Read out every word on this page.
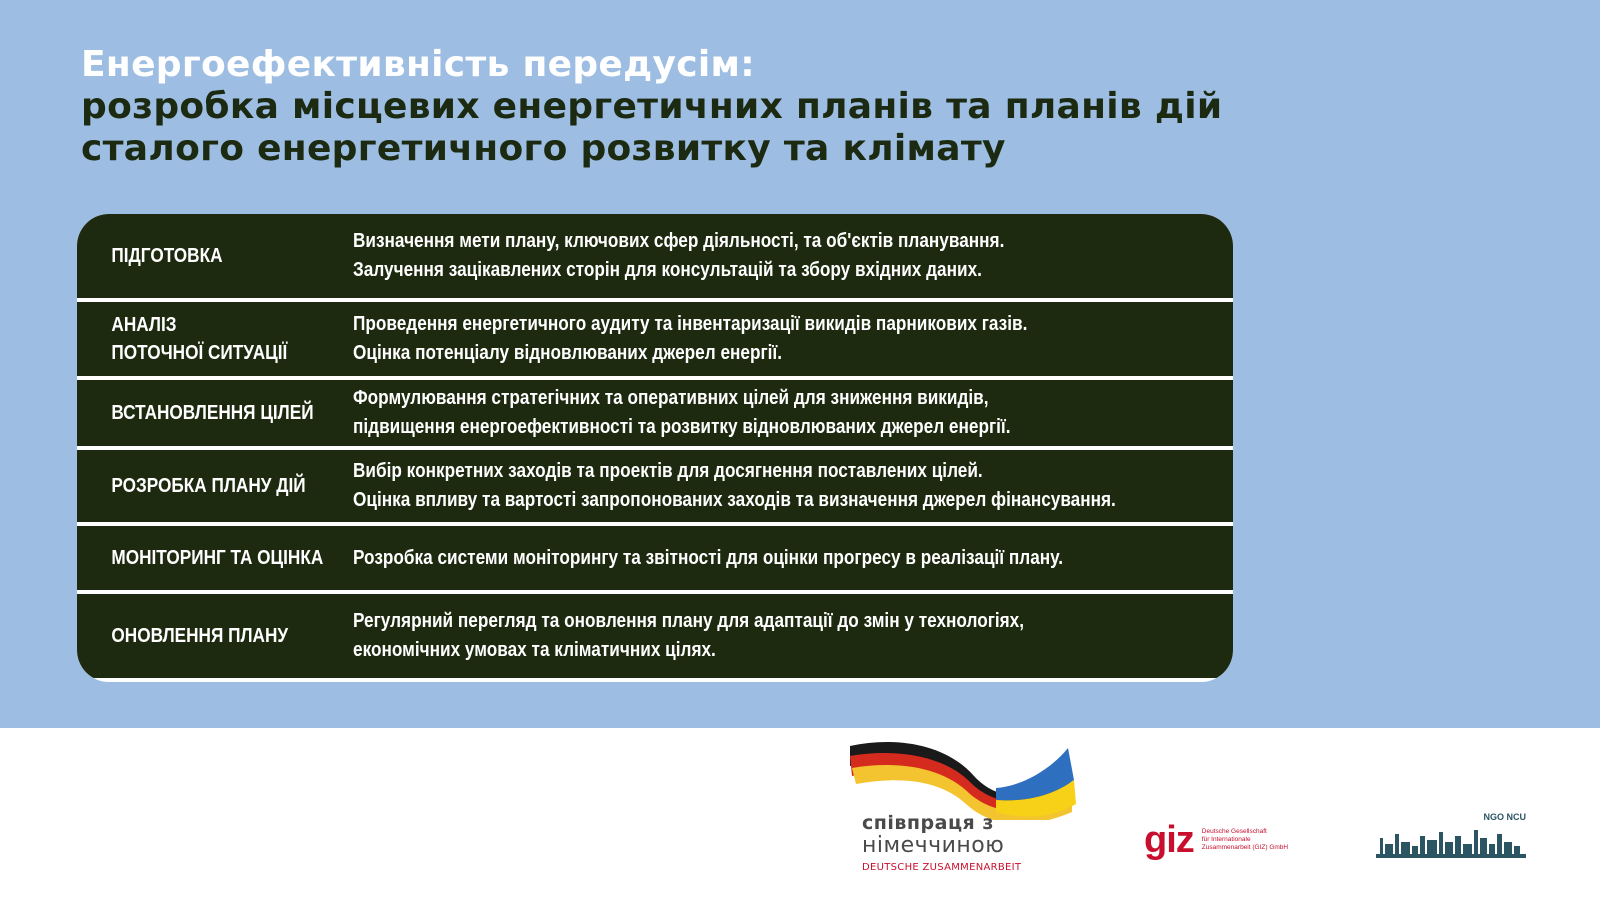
Енергоефективність передусім:
розробка місцевих енергетичних планів та планів дій
сталого енергетичного розвитку та клімату
ПІДГОТОВКА
Визначення мети плану, ключових сфер діяльності, та об'єктів планування.
Залучення зацікавлених сторін для консультацій та збору вхідних даних.
АНАЛІЗ
ПОТОЧНОЇ СИТУАЦІЇ
Проведення енергетичного аудиту та інвентаризації викидів парникових газів.
Оцінка потенціалу відновлюваних джерел енергії.
ВСТАНОВЛЕННЯ ЦІЛЕЙ
Формулювання стратегічних та оперативних цілей для зниження викидів,
підвищення енергоефективності та розвитку відновлюваних джерел енергії.
РОЗРОБКА ПЛАНУ ДІЙ
Вибір конкретних заходів та проектів для досягнення поставлених цілей.
Оцінка впливу та вартості запропонованих заходів та визначення джерел фінансування.
МОНІТОРИНГ ТА ОЦІНКА Розробка системи моніторингу та звітності для оцінки прогресу в реалізації плану.
ОНОВЛЕННЯ ПЛАНУ
Регулярний перегляд та оновлення плану для адаптації до змін у технологіях,
економічних умовах та кліматичних цілях.
співпраця з
німеччиною
DEUTSCHE ZUSAMMENARBEIT
giz Deutsche Gesellschaft
für Internationale
Zusammenarbeit (GIZ) GmbH
NGO NCU
